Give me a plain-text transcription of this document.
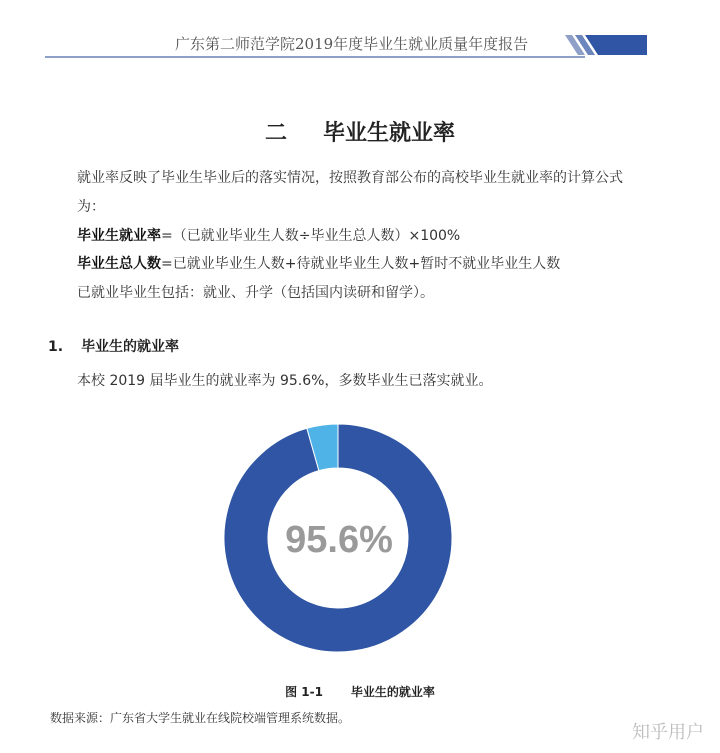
广东第二师范学院2019年度毕业生就业质量年度报告
二 毕业生就业率
就业率反映了毕业生毕业后的落实情况，按照教育部公布的高校毕业生就业率的计算公式
为：
毕业生就业率=（已就业毕业生人数÷毕业生总人数）×100%
毕业生总人数=已就业毕业生人数+待就业毕业生人数+暂时不就业毕业生人数
已就业毕业生包括：就业、升学（包括国内读研和留学）。
1. 毕业生的就业率
本校 2019 届毕业生的就业率为 95.6%，多数毕业生已落实就业。
95.6%
图 1-1 毕业生的就业率
数据来源：广东省大学生就业在线院校端管理系统数据。
知乎用户
